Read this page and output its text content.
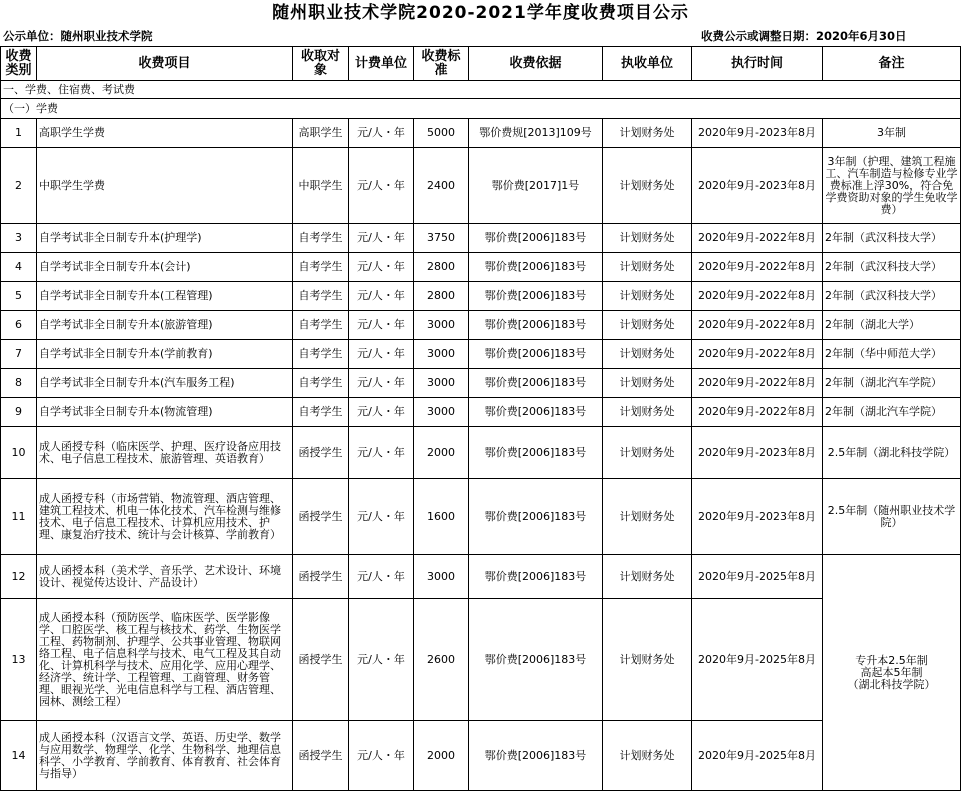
随州职业技术学院2020-2021学年度收费项目公示
公示单位：随州职业技术学院	收费公示或调整日期：2020年6月30日
收费类别	收费项目	收取对象	计费单位	收费标准	收费依据	执收单位	执行时间	备注
一、学费、住宿费、考试费								
（一）学费								
1	高职学生学费	高职学生	元/人・年	5000	鄂价费规[2013]109号	计划财务处	2020年9月-2023年8月	3年制
2	中职学生学费	中职学生	元/人・年	2400	鄂价费[2017]1号	计划财务处	2020年9月-2023年8月	3年制（护理、建筑工程施工、汽车制造与检修专业学费标准上浮30%，符合免学费资助对象的学生免收学费）
3	自学考试非全日制专升本(护理学)	自考学生	元/人・年	3750	鄂价费[2006]183号	计划财务处	2020年9月-2022年8月	2年制（武汉科技大学）
4	自学考试非全日制专升本(会计)	自考学生	元/人・年	2800	鄂价费[2006]183号	计划财务处	2020年9月-2022年8月	2年制（武汉科技大学）
5	自学考试非全日制专升本(工程管理)	自考学生	元/人・年	2800	鄂价费[2006]183号	计划财务处	2020年9月-2022年8月	2年制（武汉科技大学）
6	自学考试非全日制专升本(旅游管理)	自考学生	元/人・年	3000	鄂价费[2006]183号	计划财务处	2020年9月-2022年8月	2年制（湖北大学）
7	自学考试非全日制专升本(学前教育)	自考学生	元/人・年	3000	鄂价费[2006]183号	计划财务处	2020年9月-2022年8月	2年制（华中师范大学）
8	自学考试非全日制专升本(汽车服务工程)	自考学生	元/人・年	3000	鄂价费[2006]183号	计划财务处	2020年9月-2022年8月	2年制（湖北汽车学院）
9	自学考试非全日制专升本(物流管理)	自考学生	元/人・年	3000	鄂价费[2006]183号	计划财务处	2020年9月-2022年8月	2年制（湖北汽车学院）
10	成人函授专科（临床医学、护理、医疗设备应用技术、电子信息工程技术、旅游管理、英语教育）	函授学生	元/人・年	2000	鄂价费[2006]183号	计划财务处	2020年9月-2023年8月	2.5年制（湖北科技学院）
11	成人函授专科（市场营销、物流管理、酒店管理、建筑工程技术、机电一体化技术、汽车检测与维修技术、电子信息工程技术、计算机应用技术、护理、康复治疗技术、统计与会计核算、学前教育）	函授学生	元/人・年	1600	鄂价费[2006]183号	计划财务处	2020年9月-2023年8月	2.5年制（随州职业技术学院）
12	成人函授本科（美术学、音乐学、艺术设计、环境设计、视觉传达设计、产品设计）	函授学生	元/人・年	3000	鄂价费[2006]183号	计划财务处	2020年9月-2025年8月	专升本2.5年制
高起本5年制
（湖北科技学院）
13	成人函授本科（预防医学、临床医学、医学影像学、口腔医学、核工程与核技术、药学、生物医学工程、药物制剂、护理学、公共事业管理、物联网络工程、电子信息科学与技术、电气工程及其自动化、计算机科学与技术、应用化学、应用心理学、经济学、统计学、工程管理、工商管理、财务管理、眼视光学、光电信息科学与工程、酒店管理、园林、测绘工程）	函授学生	元/人・年	2600	鄂价费[2006]183号	计划财务处	2020年9月-2025年8月	
14	成人函授本科（汉语言文学、英语、历史学、数学与应用数学、物理学、化学、生物科学、地理信息科学、小学教育、学前教育、体育教育、社会体育与指导）	函授学生	元/人・年	2000	鄂价费[2006]183号	计划财务处	2020年9月-2025年8月	
